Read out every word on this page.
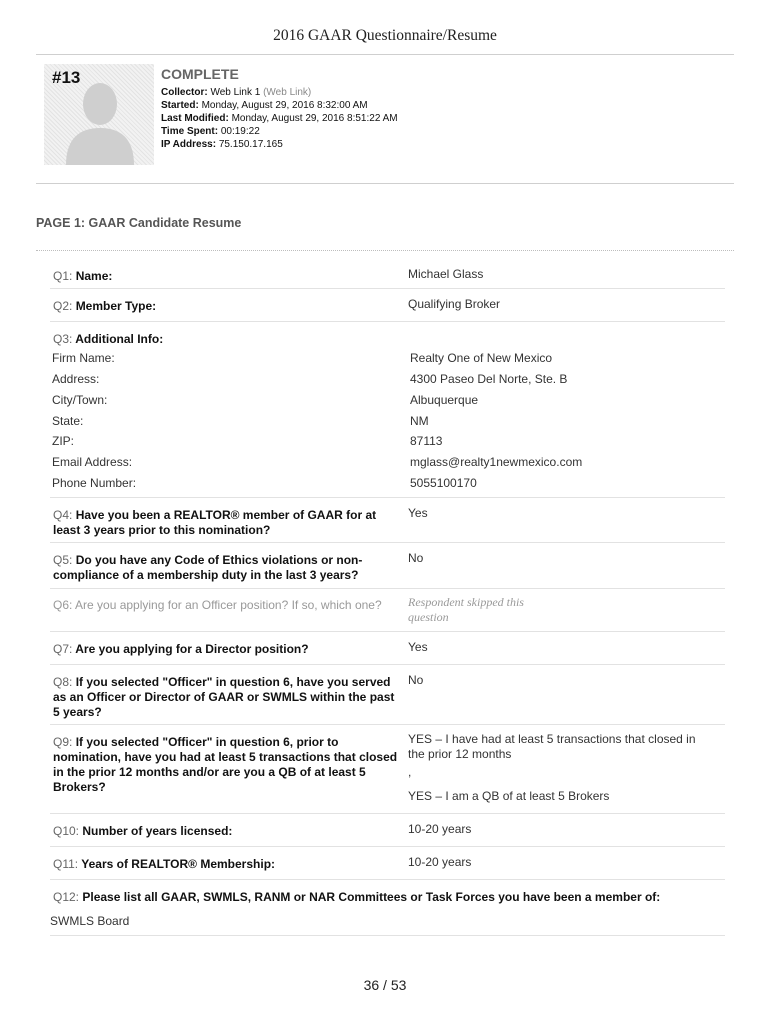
2016 GAAR Questionnaire/Resume
#13	COMPLETE
Collector: Web Link 1 (Web Link)
Started: Monday, August 29, 2016 8:32:00 AM
Last Modified: Monday, August 29, 2016 8:51:22 AM
Time Spent: 00:19:22
IP Address: 75.150.17.165
PAGE 1: GAAR Candidate Resume
Q1: Name:	Michael Glass
Q2: Member Type:	Qualifying Broker
Q3: Additional Info:
Firm Name:	Realty One of New Mexico
Address:	4300 Paseo Del Norte, Ste. B
City/Town:	Albuquerque
State:	NM
ZIP:	87113
Email Address:	mglass@realty1newmexico.com
Phone Number:	5055100170
Q4: Have you been a REALTOR® member of GAAR for at least 3 years prior to this nomination?
Yes
Q5: Do you have any Code of Ethics violations or non-compliance of a membership duty in the last 3 years?
No
Q6: Are you applying for an Officer position? If so, which one?	Respondent skipped this question
Q7: Are you applying for a Director position?	Yes
Q8: If you selected "Officer" in question 6, have you served as an Officer or Director of GAAR or SWMLS within the past 5 years?
No
Q9: If you selected "Officer" in question 6, prior to nomination, have you had at least 5 transactions that closed in the prior 12 months and/or are you a QB of at least 5 Brokers?
YES – I have had at least 5 transactions that closed in the prior 12 months
,
YES – I am a QB of at least 5 Brokers
Q10: Number of years licensed:	10-20 years
Q11: Years of REALTOR® Membership:	10-20 years
Q12: Please list all GAAR, SWMLS, RANM or NAR Committees or Task Forces you have been a member of:
SWMLS Board
36 / 53
